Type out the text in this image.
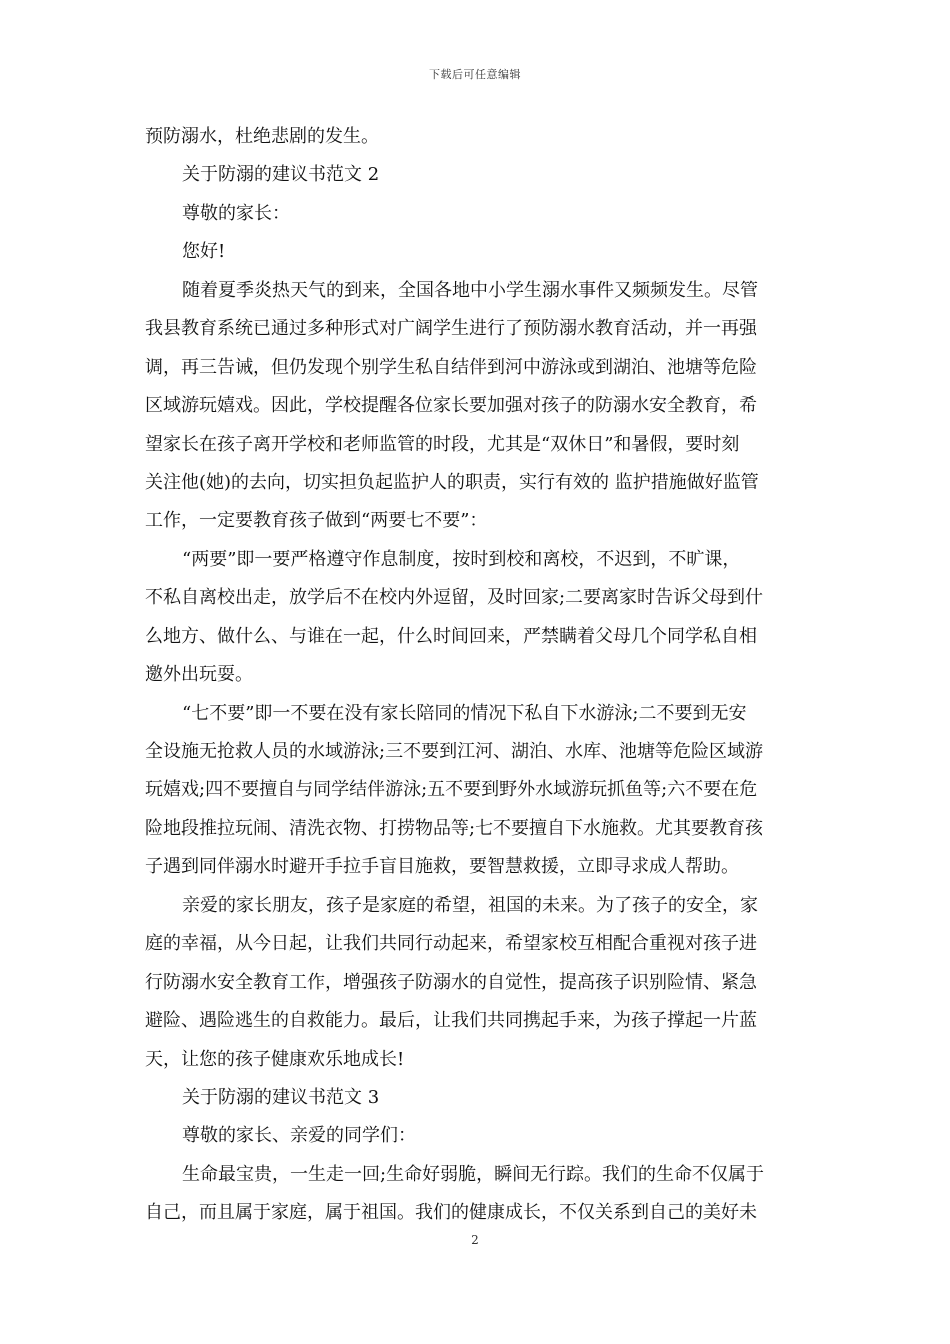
下载后可任意编辑
预防溺水，杜绝悲剧的发生。
关于防溺的建议书范文 2
尊敬的家长：
您好!
随着夏季炎热天气的到来，全国各地中小学生溺水事件又频频发生。尽管
我县教育系统已通过多种形式对广阔学生进行了预防溺水教育活动，并一再强
调，再三告诫，但仍发现个别学生私自结伴到河中游泳或到湖泊、池塘等危险
区域游玩嬉戏。因此，学校提醒各位家长要加强对孩子的防溺水安全教育，希
望家长在孩子离开学校和老师监管的时段，尤其是“双休日”和暑假，要时刻
关注他(她)的去向，切实担负起监护人的职责，实行有效的 监护措施做好监管
工作，一定要教育孩子做到“两要七不要”：
“两要”即一要严格遵守作息制度，按时到校和离校，不迟到，不旷课，
不私自离校出走，放学后不在校内外逗留，及时回家;二要离家时告诉父母到什
么地方、做什么、与谁在一起，什么时间回来，严禁瞒着父母几个同学私自相
邀外出玩耍。
“七不要”即一不要在没有家长陪同的情况下私自下水游泳;二不要到无安
全设施无抢救人员的水域游泳;三不要到江河、湖泊、水库、池塘等危险区域游
玩嬉戏;四不要擅自与同学结伴游泳;五不要到野外水域游玩抓鱼等;六不要在危
险地段推拉玩闹、清洗衣物、打捞物品等;七不要擅自下水施救。尤其要教育孩
子遇到同伴溺水时避开手拉手盲目施救，要智慧救援，立即寻求成人帮助。
亲爱的家长朋友，孩子是家庭的希望，祖国的未来。为了孩子的安全，家
庭的幸福，从今日起，让我们共同行动起来，希望家校互相配合重视对孩子进
行防溺水安全教育工作，增强孩子防溺水的自觉性，提高孩子识别险情、紧急
避险、遇险逃生的自救能力。最后，让我们共同携起手来，为孩子撑起一片蓝
天，让您的孩子健康欢乐地成长!
关于防溺的建议书范文 3
尊敬的家长、亲爱的同学们：
生命最宝贵，一生走一回;生命好弱脆，瞬间无行踪。我们的生命不仅属于
自己，而且属于家庭，属于祖国。我们的健康成长，不仅关系到自己的美好未
2
